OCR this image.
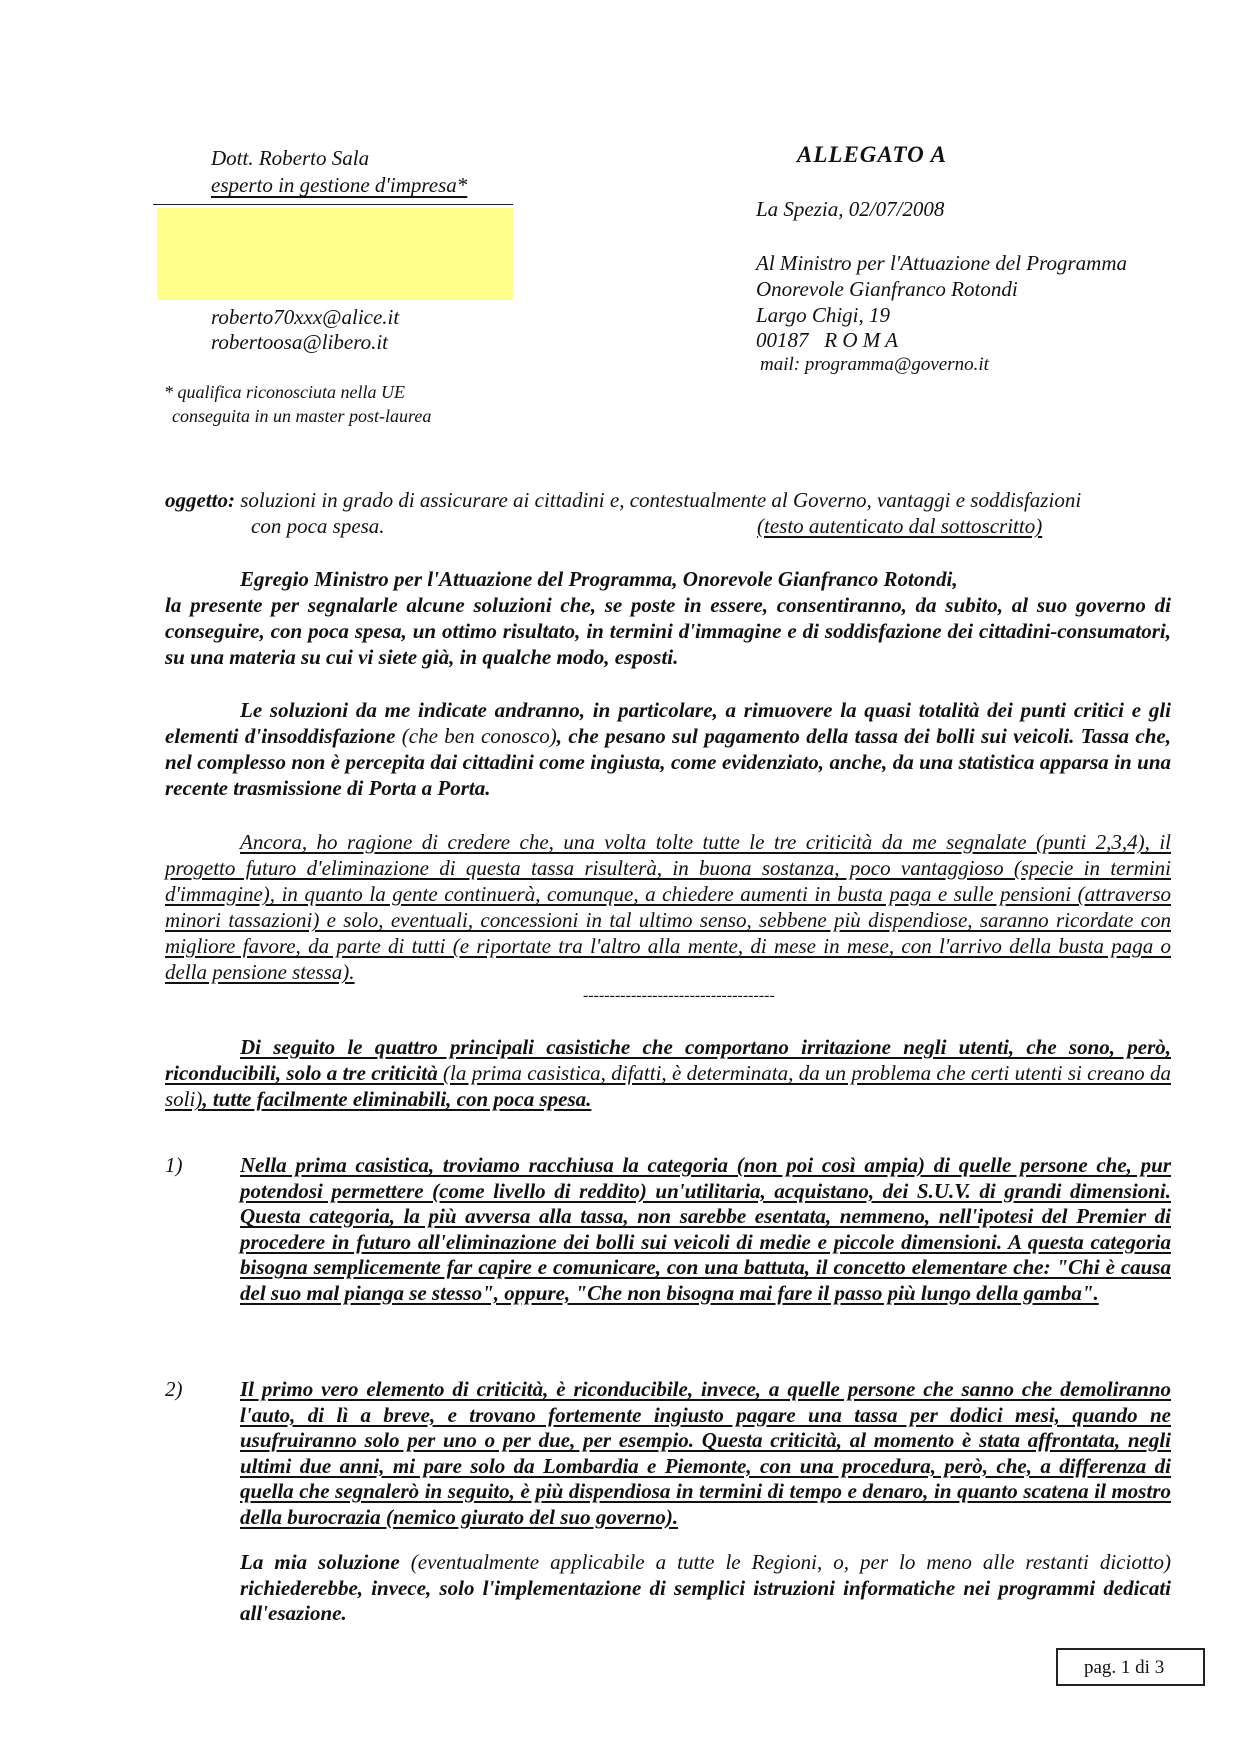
Dott. Roberto Sala
esperto in gestione d'impresa*
roberto70xxx@alice.it
robertoosa@libero.it
* qualifica riconosciuta nella UE
conseguita in un master post-laurea
ALLEGATO A
La Spezia, 02/07/2008
Al Ministro per l'Attuazione del Programma
Onorevole Gianfranco Rotondi
Largo Chigi, 19
00187   R O M A
mail: programma@governo.it
oggetto: soluzioni in grado di assicurare ai cittadini e, contestualmente al Governo, vantaggi e soddisfazioni
con poca spesa.	(testo autenticato dal sottoscritto)
Egregio Ministro per l'Attuazione del Programma, Onorevole Gianfranco Rotondi,
la presente per segnalarle alcune soluzioni che, se poste in essere, consentiranno, da subito, al suo governo di conseguire, con poca spesa, un ottimo risultato, in termini d'immagine e di soddisfazione dei cittadini-consumatori, su una materia su cui vi siete già, in qualche modo, esposti.
Le soluzioni da me indicate andranno, in particolare, a rimuovere la quasi totalità dei punti critici e gli elementi d'insoddisfazione (che ben conosco), che pesano sul pagamento della tassa dei bolli sui veicoli. Tassa che, nel complesso non è percepita dai cittadini come ingiusta, come evidenziato, anche, da una statistica apparsa in una recente trasmissione di Porta a Porta.
Ancora, ho ragione di credere che, una volta tolte tutte le tre criticità da me segnalate (punti 2,3,4), il progetto futuro d'eliminazione di questa tassa risulterà, in buona sostanza, poco vantaggioso (specie in termini d'immagine), in quanto la gente continuerà, comunque, a chiedere aumenti in busta paga e sulle pensioni (attraverso minori tassazioni) e solo, eventuali, concessioni in tal ultimo senso, sebbene più dispendiose, saranno ricordate con migliore favore, da parte di tutti (e riportate tra l'altro alla mente, di mese in mese, con l'arrivo della busta paga o della pensione stessa).
------------------------------------
Di seguito le quattro principali casistiche che comportano irritazione negli utenti, che sono, però, riconducibili, solo a tre criticità (la prima casistica, difatti, è determinata, da un problema che certi utenti si creano da soli), tutte facilmente eliminabili, con poca spesa.
1)	Nella prima casistica, troviamo racchiusa la categoria (non poi così ampia) di quelle persone che, pur potendosi permettere (come livello di reddito) un'utilitaria, acquistano, dei S.U.V. di grandi dimensioni. Questa categoria, la più avversa alla tassa, non sarebbe esentata, nemmeno, nell'ipotesi del Premier di procedere in futuro all'eliminazione dei bolli sui veicoli di medie e piccole dimensioni. A questa categoria bisogna semplicemente far capire e comunicare, con una battuta, il concetto elementare che: "Chi è causa del suo mal pianga se stesso", oppure, "Che non bisogna mai fare il passo più lungo della gamba".
2)	Il primo vero elemento di criticità, è riconducibile, invece, a quelle persone che sanno che demoliranno l'auto, di lì a breve, e trovano fortemente ingiusto pagare una tassa per dodici mesi, quando ne usufruiranno solo per uno o per due, per esempio. Questa criticità, al momento è stata affrontata, negli ultimi due anni, mi pare solo da Lombardia e Piemonte, con una procedura, però, che, a differenza di quella che segnalerò in seguito, è più dispendiosa in termini di tempo e denaro, in quanto scatena il mostro della burocrazia (nemico giurato del suo governo).
La mia soluzione (eventualmente applicabile a tutte le Regioni, o, per lo meno alle restanti diciotto) richiederebbe, invece, solo l'implementazione di semplici istruzioni informatiche nei programmi dedicati all'esazione.
pag. 1 di 3
